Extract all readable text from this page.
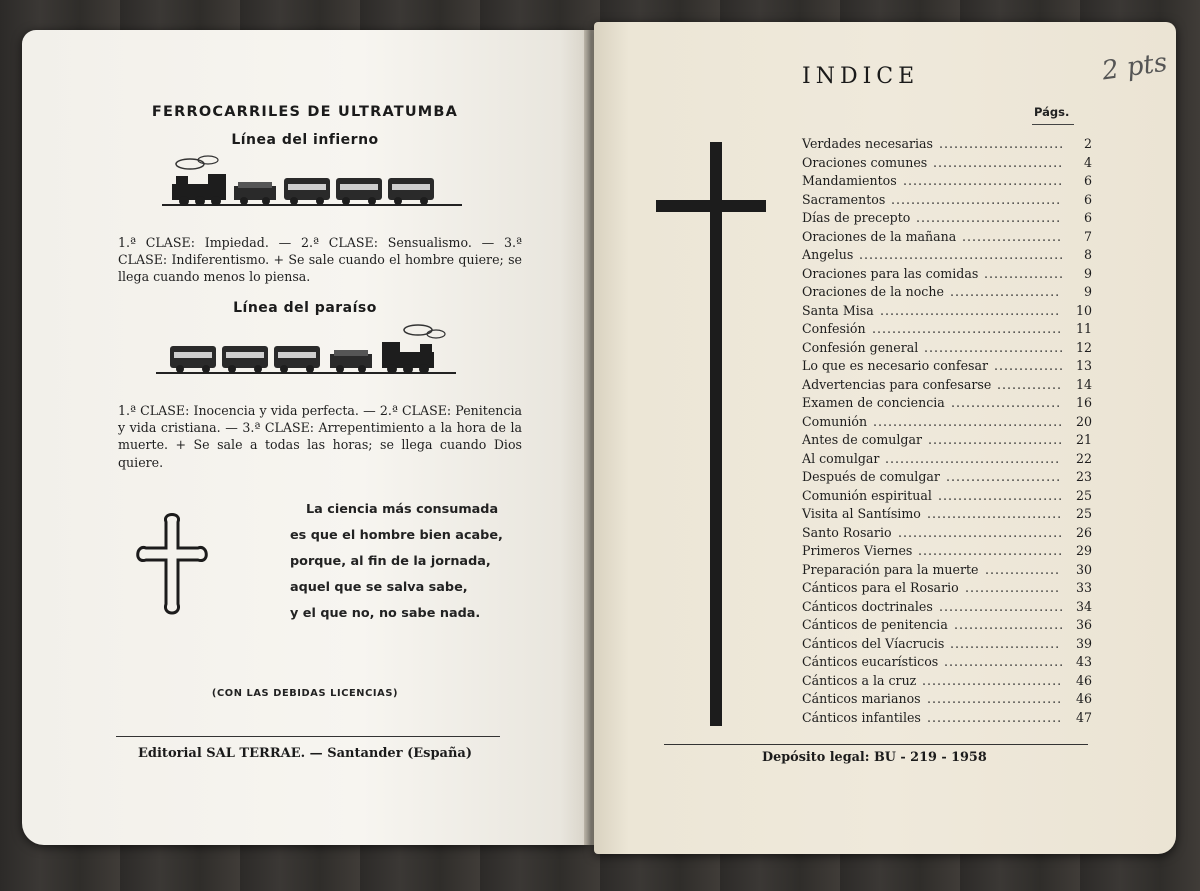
FERROCARRILES DE ULTRATUMBA
Línea del infierno
1.ª CLASE: Impiedad. — 2.ª CLASE: Sensualismo. — 3.ª CLASE: Indiferentismo. + Se sale cuando el hombre quiere; se llega cuando menos lo piensa.
Línea del paraíso
1.ª CLASE: Inocencia y vida perfecta. — 2.ª CLASE: Penitencia y vida cristiana. — 3.ª CLASE: Arrepentimiento a la hora de la muerte. + Se sale a todas las horas; se llega cuando Dios quiere.
La ciencia más consumada
es que el hombre bien acabe,
porque, al fin de la jornada,
aquel que se salva sabe,
y el que no, no sabe nada.
(CON LAS DEBIDAS LICENCIAS)
Editorial SAL TERRAE. — Santander (España)
INDICE	2 pts
Págs.
Verdades necesarias .........................	2
Oraciones comunes ..........................	4
Mandamientos ................................	6
Sacramentos ..................................	6
Días de precepto .............................	6
Oraciones de la mañana ....................	7
Angelus .........................................	8
Oraciones para las comidas ................	9
Oraciones de la noche ......................	9
Santa Misa ....................................	10
Confesión ......................................	11
Confesión general ............................ 12
Lo que es necesario confesar .............. 13
Advertencias para confesarse .............	14
Examen de conciencia ......................	16
Comunión ......................................	20
Antes de comulgar ...........................	21
Al comulgar ...................................	22
Después de comulgar .......................	23
Comunión espiritual .........................	25
Visita al Santísimo ...........................	25
Santo Rosario .................................	26
Primeros Viernes .............................	29
Preparación para la muerte ...............	30
Cánticos para el Rosario ...................	33
Cánticos doctrinales ......................... 34
Cánticos de penitencia ...................... 36
Cánticos del Víacrucis ......................	39
Cánticos eucarísticos ........................ 43
Cánticos a la cruz ............................	46
Cánticos marianos ...........................	46
Cánticos infantiles ...........................	47
Depósito legal: BU - 219 - 1958
